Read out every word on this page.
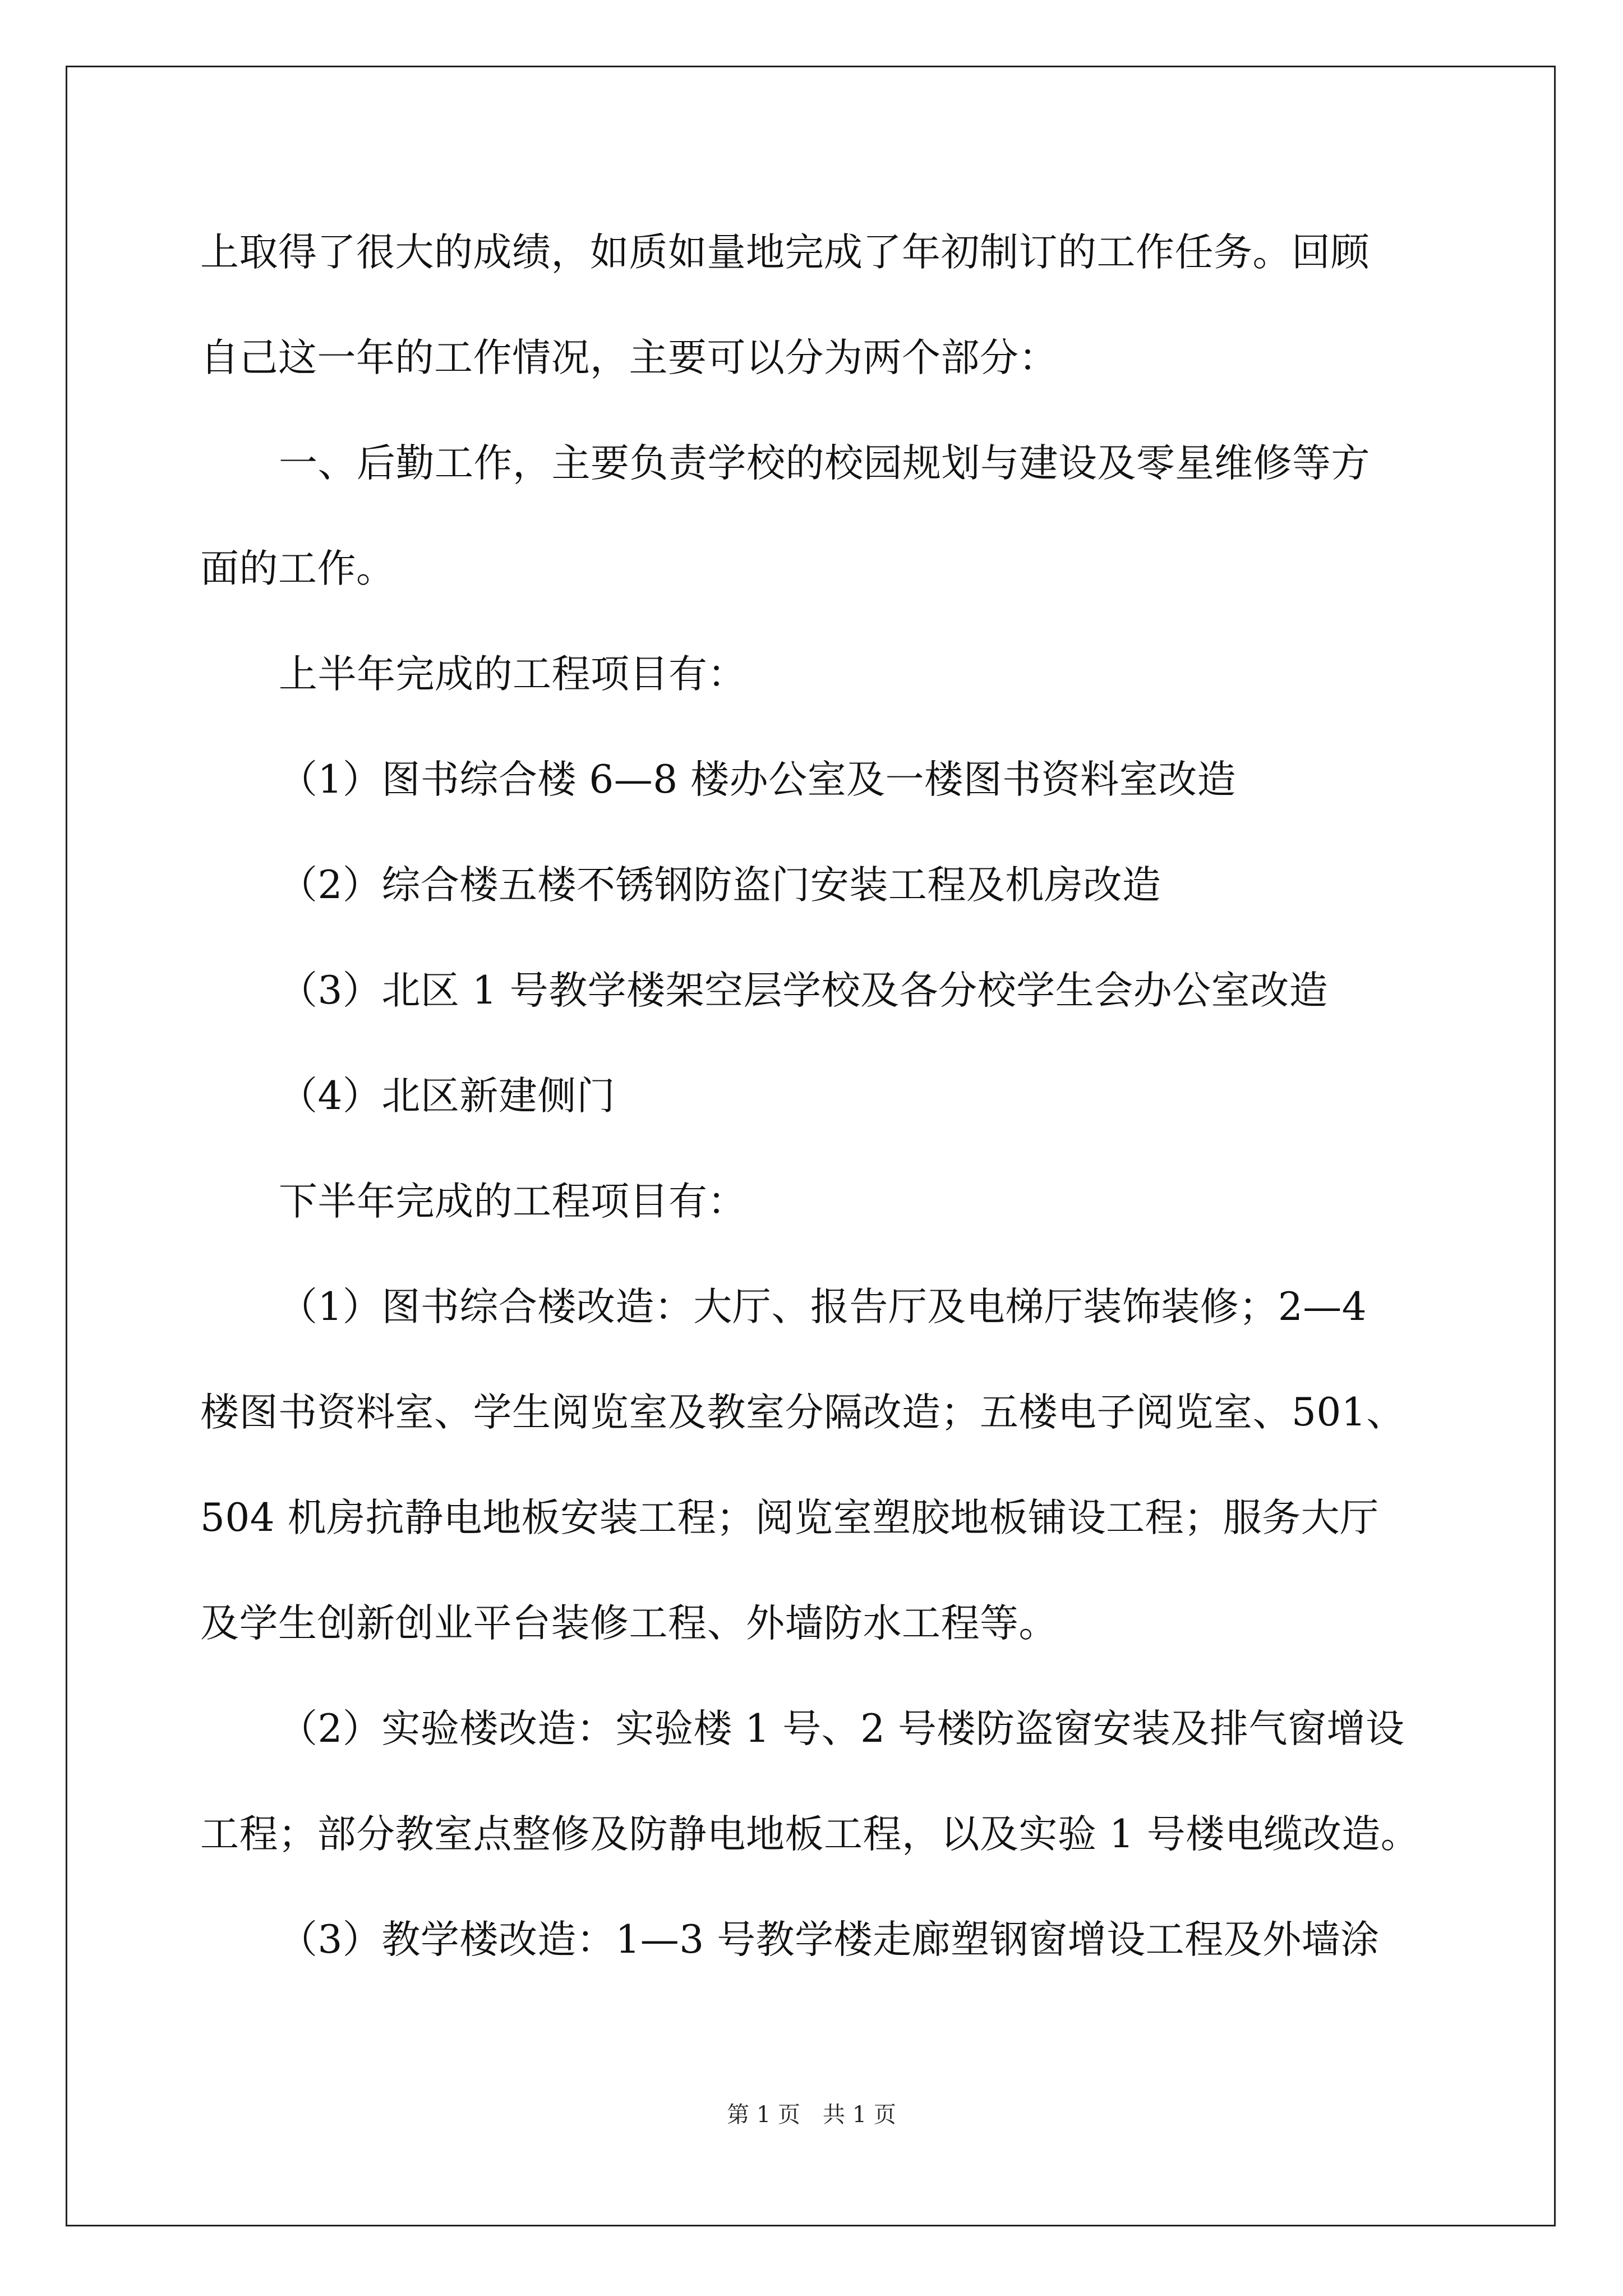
上取得了很大的成绩，如质如量地完成了年初制订的工作任务。回顾
自己这一年的工作情况，主要可以分为两个部分：
一、后勤工作，主要负责学校的校园规划与建设及零星维修等方
面的工作。
上半年完成的工程项目有：
（1）图书综合楼 6—8 楼办公室及一楼图书资料室改造
（2）综合楼五楼不锈钢防盗门安装工程及机房改造
（3）北区 1 号教学楼架空层学校及各分校学生会办公室改造
（4）北区新建侧门
下半年完成的工程项目有：
（1）图书综合楼改造：大厅、报告厅及电梯厅装饰装修；2—4
楼图书资料室、学生阅览室及教室分隔改造；五楼电子阅览室、501、
504 机房抗静电地板安装工程；阅览室塑胶地板铺设工程；服务大厅
及学生创新创业平台装修工程、外墙防水工程等。
（2）实验楼改造：实验楼 1 号、2 号楼防盗窗安装及排气窗增设
工程；部分教室点整修及防静电地板工程，以及实验 1 号楼电缆改造。
（3）教学楼改造：1—3 号教学楼走廊塑钢窗增设工程及外墙涂
第 1 页　共 1 页
